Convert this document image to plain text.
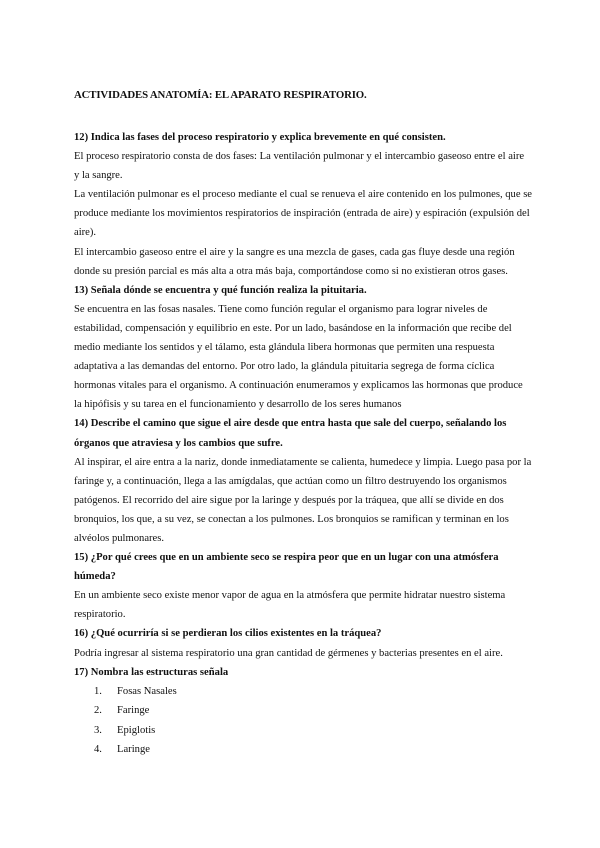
ACTIVIDADES ANATOMÍA: EL APARATO RESPIRATORIO.

12) Indica las fases del proceso respiratorio y explica brevemente en qué consisten.

El proceso respiratorio consta de dos fases: La ventilación pulmonar y el intercambio gaseoso entre el aire y la sangre.

La ventilación pulmonar es el proceso mediante el cual se renueva el aire contenido en los pulmones, que se produce mediante los movimientos respiratorios de inspiración (entrada de aire) y espiración (expulsión del aire).

El intercambio gaseoso entre el aire y la sangre es una mezcla de gases, cada gas fluye desde una región donde su presión parcial es más alta a otra más baja, comportándose como si no existieran otros gases.

13) Señala dónde se encuentra y qué función realiza la pituitaria.

Se encuentra en las fosas nasales. Tiene como función regular el organismo para lograr niveles de estabilidad, compensación y equilibrio en este. Por un lado, basándose en la información que recibe del medio mediante los sentidos y el tálamo, esta glándula libera hormonas que permiten una respuesta adaptativa a las demandas del entorno. Por otro lado, la glándula pituitaria segrega de forma cíclica hormonas vitales para el organismo. A continuación enumeramos y explicamos las hormonas que produce la hipófisis y su tarea en el funcionamiento y desarrollo de los seres humanos

14) Describe el camino que sigue el aire desde que entra hasta que sale del cuerpo, señalando los órganos que atraviesa y los cambios que sufre.

Al inspirar, el aire entra a la nariz, donde inmediatamente se calienta, humedece y limpia. Luego pasa por la faringe y, a continuación, llega a las amígdalas, que actúan como un filtro destruyendo los organismos patógenos. El recorrido del aire sigue por la laringe y después por la tráquea, que allí se divide en dos bronquios, los que, a su vez, se conectan a los pulmones. Los bronquios se ramifican y terminan en los alvéolos pulmonares.

15) ¿Por qué crees que en un ambiente seco se respira peor que en un lugar con una atmósfera húmeda?

En un ambiente seco existe menor vapor de agua en la atmósfera que permite hidratar nuestro sistema respiratorio.

16) ¿Qué ocurriría si se perdieran los cilios existentes en la tráquea?

Podría ingresar al sistema respiratorio una gran cantidad de gérmenes y bacterias presentes en el aire.

17) Nombra las estructuras señala

1.	Fosas Nasales
2.	Faringe
3.	Epiglotis
4.	Laringe
